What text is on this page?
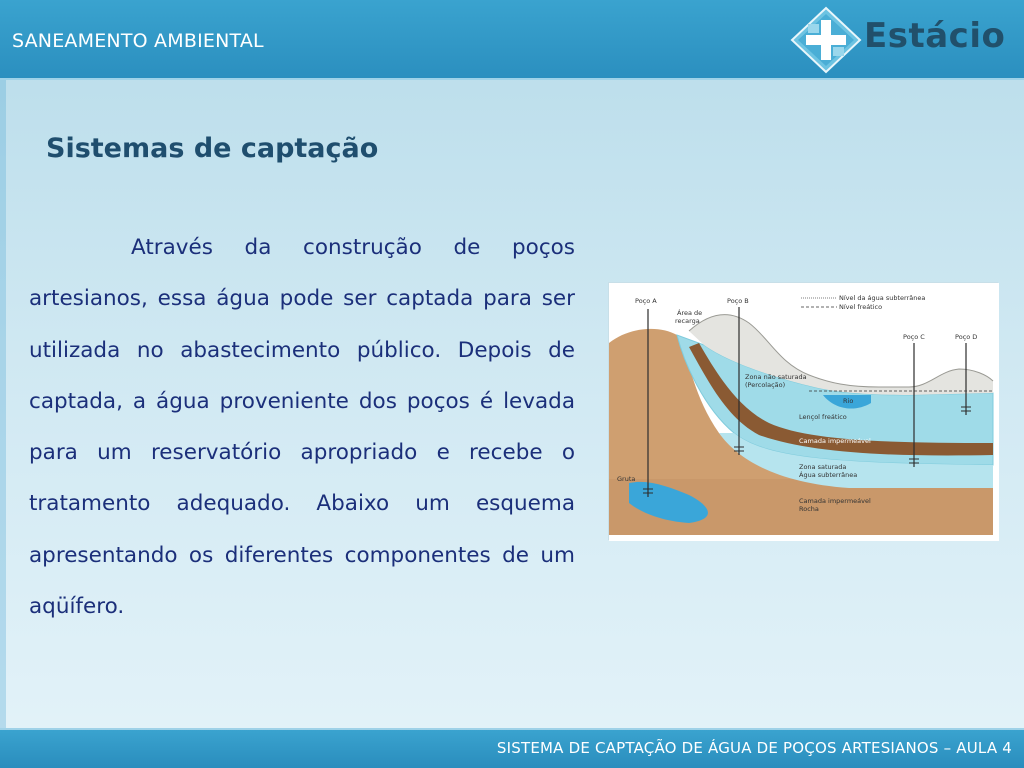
SANEAMENTO AMBIENTAL	Estácio
Sistemas de captação

Através da construção de poços artesianos, essa água pode ser captada para ser utilizada no abastecimento público. Depois de captada, a água proveniente dos poços é levada para um reservatório apropriado e recebe o tratamento adequado. Abaixo um esquema apresentando os diferentes componentes de um aqüífero.

Nível da água subterrânea
Nível freático
Poço A	Poço B
Poço C	Poço D
Área de
recarga
Zona não saturada
(Percolação)
Rio
Lençol freático
Camada impermeável
Zona saturada
Água subterrânea
Gruta
Camada impermeável
Rocha
SISTEMA DE CAPTAÇÃO DE ÁGUA DE POÇOS ARTESIANOS – AULA 4
